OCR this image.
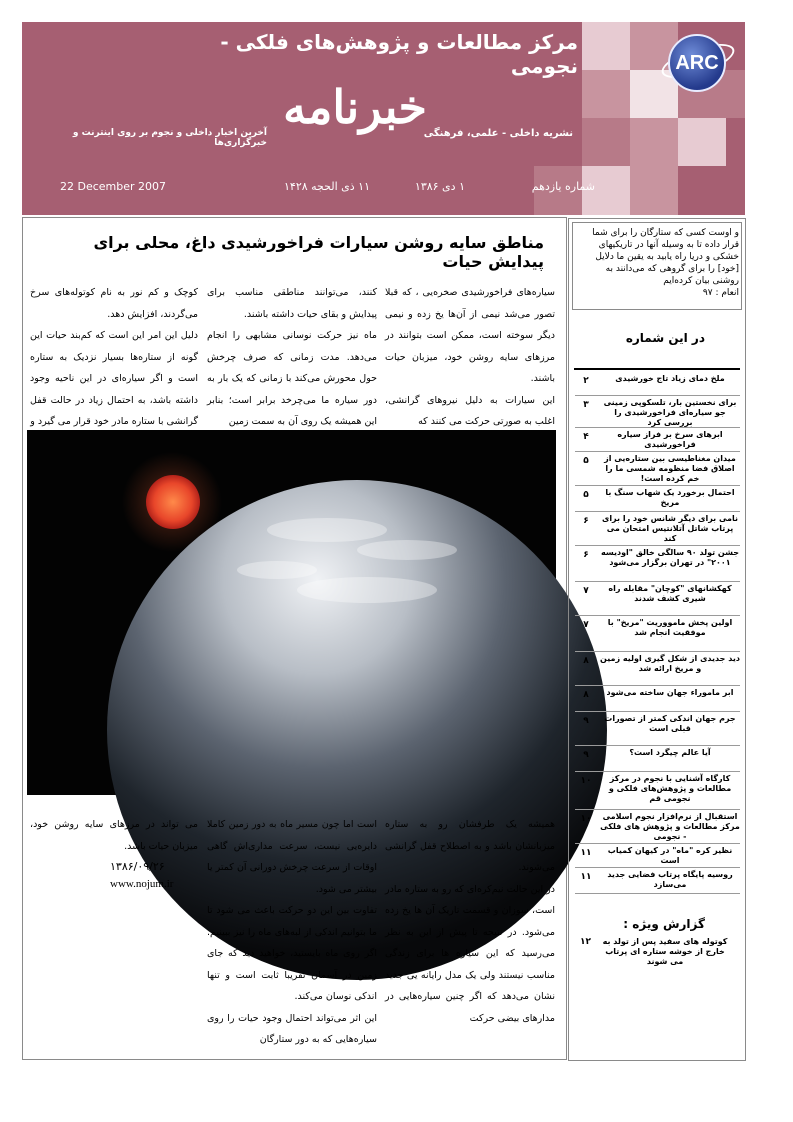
ARC
مرکز مطالعات و پژوهش‌های فلکی - نجومی
خبرنامه
نشریه داخلی - علمی، فرهنگی
آخرین اخبار داخلی و نجوم بر روی اینترنت و خبرگزاری‌ها
شماره یازدهم
۱ دی ۱۳۸۶
۱۱ ذی الحجه ۱۴۲۸
22 December 2007
مناطق سایه روشن سیارات فراخورشیدی داغ، محلی برای پیدایش حیات

سیاره‌های فراخورشیدی صخره‌یی ، که قبلا تصور می‌شد نیمی از آن‌ها یخ زده و نیمی دیگر سوخته است، ممکن است بتوانند در مرزهای سایه روشن خود، میزبان حیات باشند.

این سیارات به دلیل نیروهای گرانشی، اغلب به صورتی حرکت می کنند که

کنند، می‌توانند مناطقی مناسب برای پیدایش و بقای حیات داشته باشند.

ماه نیز حرکت نوسانی مشابهی را انجام می‌دهد. مدت زمانی که صرف چرخش حول محورش می‌کند با زمانی که یک بار به دور سیاره ما می‌چرخد برابر است؛ بنابر این همیشه یک روی آن به سمت زمین

کوچک و کم نور به نام کوتوله‌های سرخ می‌گردند، افزایش دهد.

دلیل این امر این است که کم‌بند حیات این گونه از ستاره‌ها بسیار نزدیک به ستاره است و اگر سیاره‌ای در این ناحیه وجود داشته باشد، به احتمال زیاد در حالت قفل گرانشی با ستاره مادر خود قرار می گیرد و

همیشه یک طرفشان رو به ستاره میزبانشان باشد و به اصطلاح قفل گرانشی می‌شوند.

در این حالت نیم‌کره‌ای که رو به ستاره مادر است، سوزان و قسمت تاریک آن ها یخ زده می‌شود. در نتیجه تا پیش از این به نظر می‌رسید که این سیاره ها برای زندگی مناسب نیستند ولی یک مدل رایانه یی جدید نشان می‌دهد که اگر چنین سیاره‌هایی در مدارهای بیضی حرکت

است اما چون مسیر ماه به دور زمین کاملا دایره‌یی نیست، سرعت مداری‌اش گاهی اوقات از سرعت چرخش دورانی آن کمتر یا بیشتر می شود.

تفاوت بین این دو حرکت باعث می شود تا ما بتوانیم اندکی از لبه‌های ماه را نیز ببینیم. اگر روی ماه بایستید، خواهید دید که جای زمین در آسمان تقریبا ثابت است و تنها اندکی نوسان می‌کند.

این اثر می‌تواند احتمال وجود حیات را روی سیاره‌هایی که به دور ستارگان

می تواند در مرزهای سایه روشن خود، میزبان حیات باشد.

۱۳۸۶/۰۹/۲۶
www.nojum.ir
و اوست کسی که ستارگان را برای شما قرار داده تا به وسیله آنها در تاریکیهای خشکی و دریا راه یابید به یقین ما دلایل [خود] را برای گروهی که می‌دانند به روشنی بیان کرده‌ایم
انعام : ۹۷
در این شماره
ملخ دمای زیاد تاج خورشیدی
۲
برای نخستین بار، تلسکوپی زمینی جو سیاره‌ای فراخورشیدی را بررسی کرد
۳
ابرهای سرخ بر فراز سیاره فراخورشیدی
۴
میدان مغناطیسی بین ستاره‌یی از اصلاق فضا منظومه شمسی ما را خم کرده است!
۵
احتمال برخورد یک شهاب سنگ با مریخ
۵
نامی برای دیگر شانس خود را برای پرتاب شاتل آتلانتیس امتحان می کند
۶
جشن تولد ۹۰ سالگی خالق "اودیسه ۲۰۰۱" در تهران برگزار می‌شود
۶
کهکشانهای "کوچان" مقابله راه شیری کشف شدند
۷
اولین پخش مامووریت "مریخ" با موفقیت انجام شد
۷
دید جدیدی از شکل گیری اولیه زمین و مریخ ارائه شد
۸
ابر ماموراء جهان ساخته می‌شود
۸
جرم جهان اندکی کمتر از تصورات قبلی است
۹
آیا عالم چیگرد است؟
۹
کارگاه آشنایی با نجوم در مرکز مطالعات و پژوهش‌های فلکی و نجومی قم
۱۰
استقبال از نرم‌افزار نجوم اسلامی مرکز مطالعات و پژوهش های فلکی - نجومی
۱۰
نظیر کره "ماه" در کیهان کمیاب است
۱۱
روسیه پایگاه پرتاب فضایی جدید می‌سازد
۱۱
گزارش ویژه :
کوتوله های سفید پس از تولد به خارج از خوشه ستاره ای پرتاب می شوند
۱۲
